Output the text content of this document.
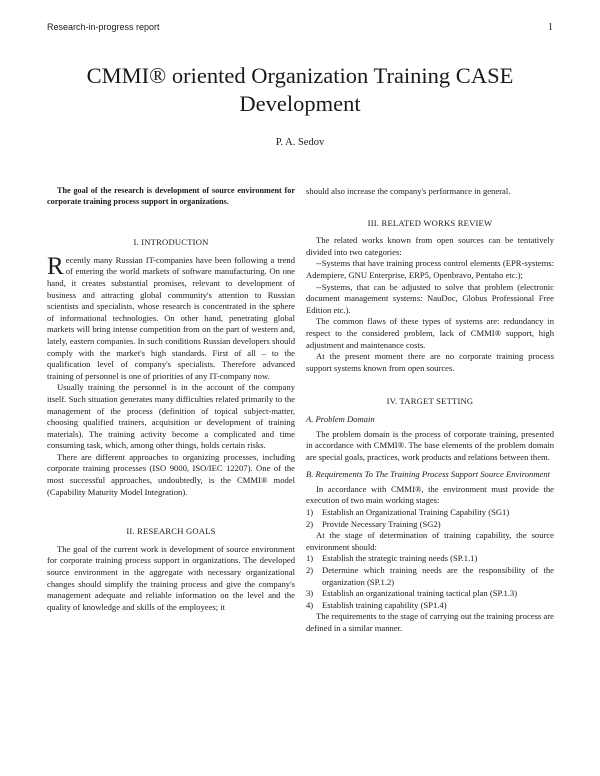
Research-in-progress report	1
CMMI® oriented Organization Training CASE Development
P. A. Sedov

The goal of the research is development of source environment for corporate training process support in organizations.

I. INTRODUCTION

Recently many Russian IT-companies have been following a trend of entering the world markets of software manufacturing. On one hand, it creates substantial promises, relevant to development of business and attracting global community's attention to Russian scientists and specialists, whose research is concentrated in the sphere of informational technologies. On other hand, penetrating global markets will bring intense competition from on the part of western and, lately, eastern companies. In such conditions Russian developers should comply with the market's high standards. First of all – to the qualification level of company's specialists. Therefore advanced training of personnel is one of priorities of any IT-company now.

Usually training the personnel is in the account of the company itself. Such situation generates many difficulties related primarily to the management of the process (definition of topical subject-matter, choosing qualified trainers, acquisition or development of training materials). The training activity become a complicated and time consuming task, which, among other things, holds certain risks.

There are different approaches to organizing processes, including corporate training processes (ISO 9000, ISO/IEC 12207). One of the most successful approaches, undoubtedly, is the CMMI® model (Capability Maturity Model Integration).

II. RESEARCH GOALS

The goal of the current work is development of source environment for corporate training process support in organizations. The developed source environment in the aggregate with necessary organizational changes should simplify the training process and give the company's management adequate and reliable information on the level and the quality of knowledge and skills of the employees; it

should also increase the company's performance in general.

III. RELATED WORKS REVIEW

The related works known from open sources can be tentatively divided into two categories:

--Systems that have training process control elements (EPR-systems: Adempiere, GNU Enterprise, ERP5, Openbravo, Pentaho etc.);

--Systems, that can be adjusted to solve that problem (electronic document management systems: NauDoc, Globus Professional Free Edition etc.).

The common flaws of these types of systems are: redundancy in respect to the considered problem, lack of CMMI® support, high adjustment and maintenance costs.

At the present moment there are no corporate training process support systems known from open sources.

IV. TARGET SETTING
A. Problem Domain

The problem domain is the process of corporate training, presented in accordance with CMMI®. The base elements of the problem domain are special goals, practices, work products and relations between them.

B. Requirements To The Training Process Support Source Environment

In accordance with CMMI®, the environment must provide the execution of two main working stages:

1)	Establish an Organizational Training Capability (SG1)
2)	Provide Necessary Training (SG2)

At the stage of determination of training capability, the source environment should:

1)	Establish the strategic training needs (SP.1.1)
2)	Determine which training needs are the responsibility of the organization (SP.1.2)
3)	Establish an organizational training tactical plan (SP.1.3)
4)	Establish training capability (SP1.4)

The requirements to the stage of carrying out the training process are defined in a similar manner.
